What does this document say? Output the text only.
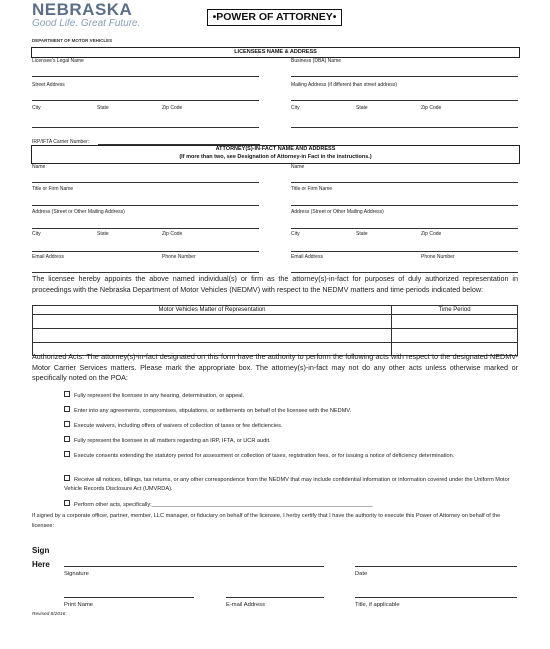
NEBRASKA
Good Life. Great Future.
DEPARTMENT OF MOTOR VEHICLES
•POWER OF ATTORNEY•
LICENSEES NAME & ADDRESS
Licensee's Legal Name	Business (DBA) Name
Street Address	Mailing Address (if different than street address)
City	State	Zip Code	City	State	Zip Code
IRP/IFTA Carrier Number:
ATTORNEY(S)-IN-FACT NAME AND ADDRESS
(If more than two, see Designation of Attorney-in Fact in the instructions.)
Name	Name
Title or Firm Name	Title or Firm Name
Address (Street or Other Mailing Address)	Address (Street or Other Mailing Address)
City	State	Zip Code	City	State	Zip Code
Email Address	Phone Number	Email Address	Phone Number
The licensee hereby appoints the above named individual(s) or firm as the attorney(s)-in-fact for purposes of duly authorized representation in proceedings with the Nebraska Department of Motor Vehicles (NEDMV) with respect to the NEDMV matters and time periods indicated below:
Motor Vehicles Matter of Representation	Time Period

Authorized Acts. The attorney(s)-in-fact designated on this form have the authority to perform the following acts with respect to the designated NEDMV-Motor Carrier Services matters. Please mark the appropriate box. The attorney(s)-in-fact may not do any other acts unless otherwise marked or specifically noted on the POA:
Fully represent the licensee in any hearing, determination, or appeal.
Enter into any agreements, compromises, stipulations, or settlements on behalf of the licensee with the NEDMV.
Execute waivers, including offers of waivers of collection of taxes or fee deficiencies.
Fully represent the licensee in all matters regarding an IRP, IFTA, or UCR audit.
Execute consents extending the statutory period for assessment or collection of taxes, registration fees, or for issuing a notice of deficiency determination.
Receive all notices, billings, tax returns, or any other correspondence from the NEDMV that may include confidential information or information covered under the Uniform Motor Vehicle Records Disclosure Act (UMVRDA).
Perform other acts, specifically:_______________________________________________________________________
If signed by a corporate officer, partner, member, LLC manager, or fiduciary on behalf of the licensee, I herby certify that I have the authority to execute this Power of Attorney on behalf of the licensee:
Sign
Here
Signature	Date
Print Name	E-mail Address	Title, if applicable
Revised 8/2016
